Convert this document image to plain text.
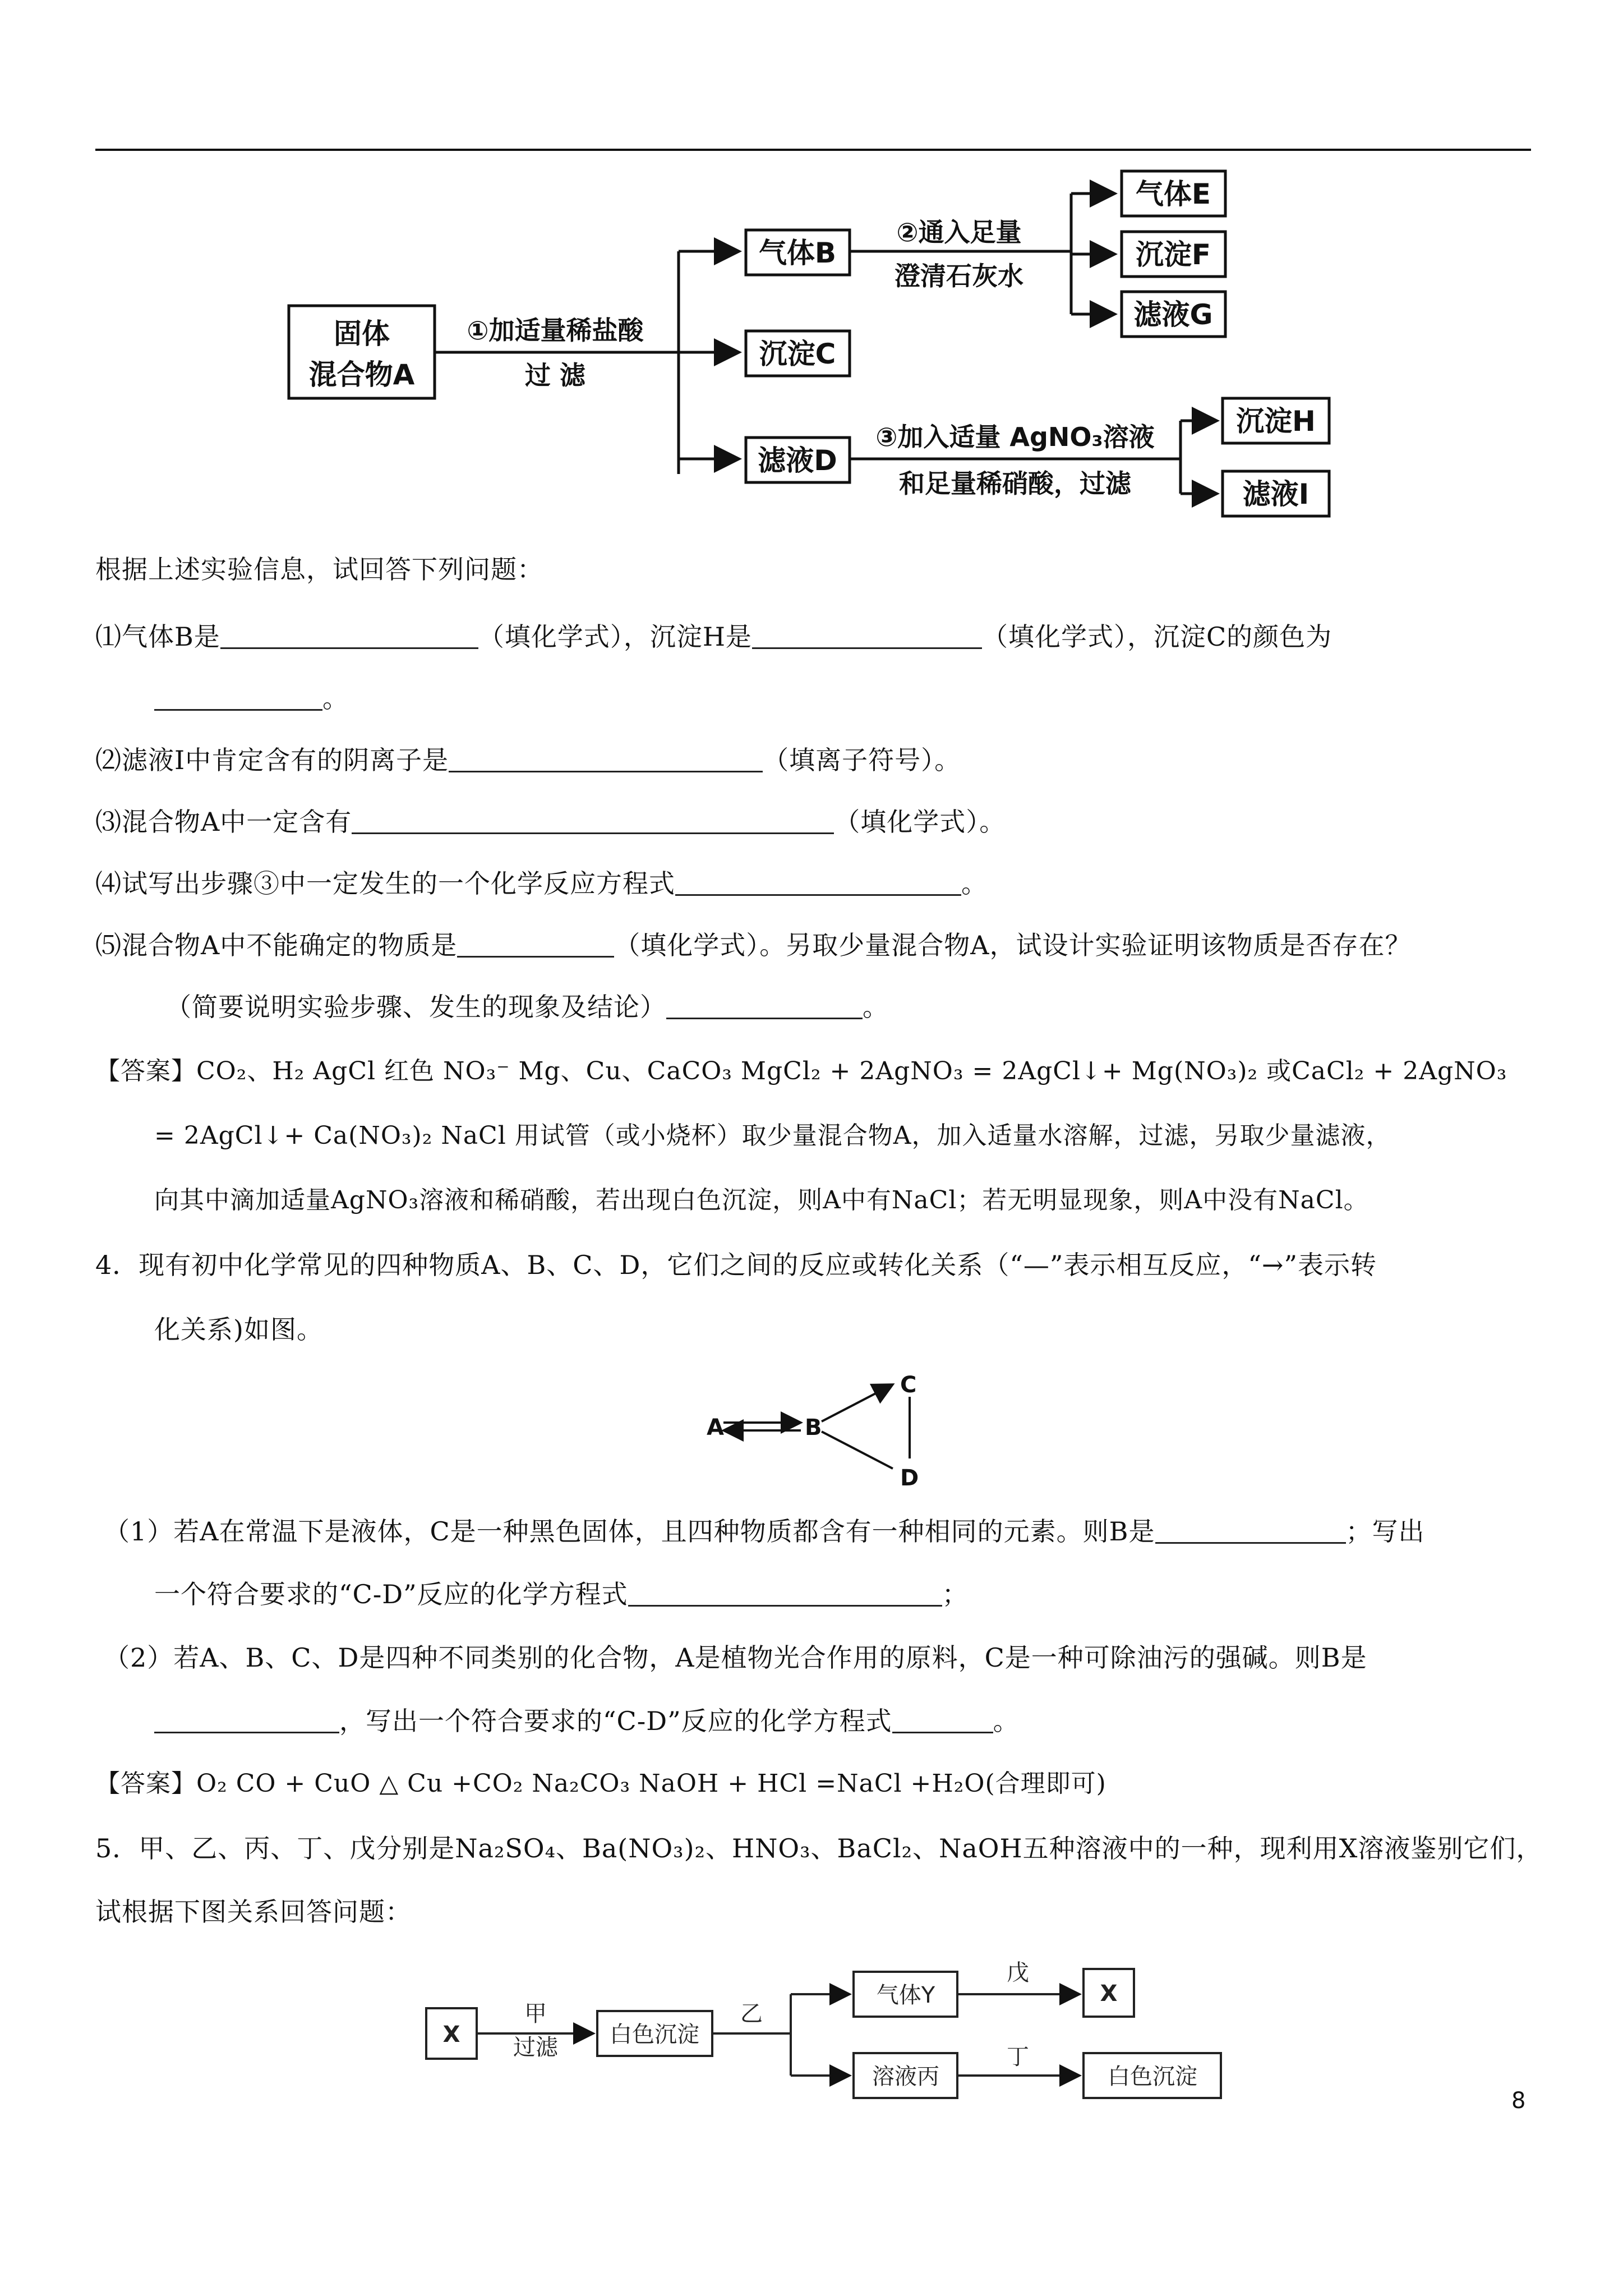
固体
混合物A
气体B
沉淀C
滤液D
气体E
沉淀F
滤液G
沉淀H
滤液I
①加适量稀盐酸
过 滤
②通入足量
澄清石灰水
③加入适量 AgNO₃溶液
和足量稀硝酸，过滤
根据上述实验信息，试回答下列问题：
⑴气体B是	（填化学式），沉淀H是	（填化学式），沉淀C的颜色为
。
⑵滤液I中肯定含有的阴离子是	（填离子符号）。
⑶混合物A中一定含有	（填化学式）。
⑷试写出步骤③中一定发生的一个化学反应方程式	。
⑸混合物A中不能确定的物质是	（填化学式）。另取少量混合物A，试设计实验证明该物质是否存在？
（简要说明实验步骤、发生的现象及结论）	。
【答案】CO₂、H₂ AgCl 红色 NO₃⁻ Mg、Cu、CaCO₃ MgCl₂ + 2AgNO₃ = 2AgCl↓+ Mg(NO₃)₂ 或CaCl₂ + 2AgNO₃
= 2AgCl↓+ Ca(NO₃)₂ NaCl 用试管（或小烧杯）取少量混合物A，加入适量水溶解，过滤，另取少量滤液，
向其中滴加适量AgNO₃溶液和稀硝酸，若出现白色沉淀，则A中有NaCl；若无明显现象，则A中没有NaCl。
4．现有初中化学常见的四种物质A、B、C、D，它们之间的反应或转化关系（“—”表示相互反应，“→”表示转
化关系)如图。
A	B
C
D
（1）若A在常温下是液体，C是一种黑色固体，且四种物质都含有一种相同的元素。则B是	；写出
一个符合要求的“C-D”反应的化学方程式	；
（2）若A、B、C、D是四种不同类别的化合物，A是植物光合作用的原料，C是一种可除油污的强碱。则B是
，写出一个符合要求的“C-D”反应的化学方程式	。
【答案】O₂ CO + CuO △ Cu +CO₂ Na₂CO₃ NaOH + HCl =NaCl +H₂O(合理即可)
5．甲、乙、丙、丁、戊分别是Na₂SO₄、Ba(NO₃)₂、HNO₃、BaCl₂、NaOH五种溶液中的一种，现利用X溶液鉴别它们，
试根据下图关系回答问题：
X
甲
过滤 白色沉淀
乙
气体Y
戊
X
溶液丙
丁
白色沉淀
8
